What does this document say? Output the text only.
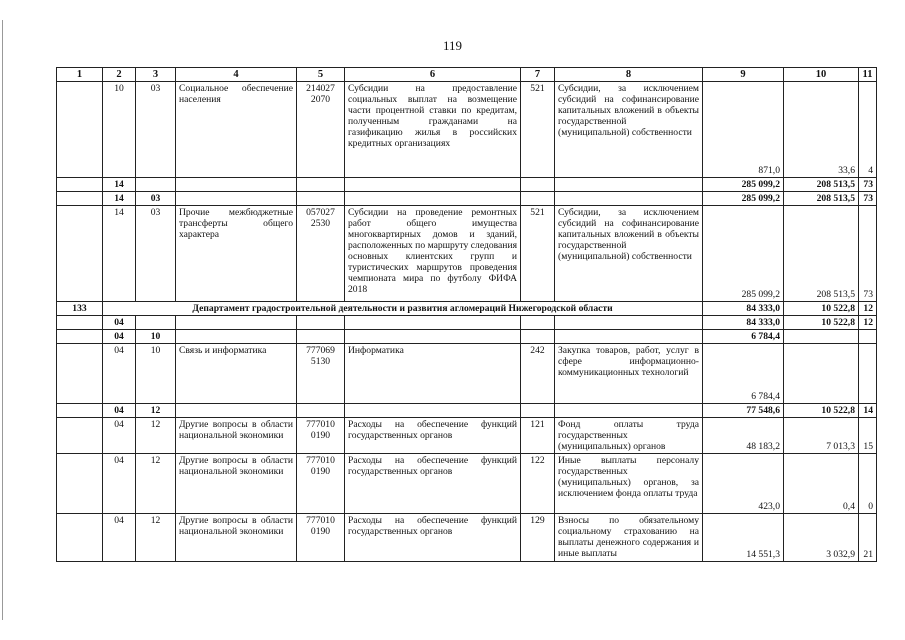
119
1	2	3	4	5	6	7	8	9	10	11
	10	03	Социальное обеспечение населения	214027 2070	Субсидии на предоставление социальных выплат на возмещение части процентной ставки по кредитам, полученным гражданами на газификацию жилья в российских кредитных организациях	521	Субсидии, за исключением субсидий на софинансирование капитальных вложений в объекты государственной (муниципальной) собственности	871,0	33,6	4
	14							285 099,2	208 513,5	73
	14	03						285 099,2	208 513,5	73
	14	03	Прочие межбюджетные трансферты общего характера	057027 2530	Субсидии на проведение ремонтных работ общего имущества многоквартирных домов и зданий, расположенных по маршруту следования основных клиентских групп и туристических маршрутов проведения чемпионата мира по футболу ФИФА 2018	521	Субсидии, за исключением субсидий на софинансирование капитальных вложений в объекты государственной (муниципальной) собственности	285 099,2	208 513,5	73
133	Департамент градостроительной деятельности и развития агломераций Нижегородской области							84 333,0	10 522,8	12
	04							84 333,0	10 522,8	12
	04	10						6 784,4		
	04	10	Связь и информатика	777069 5130	Информатика	242	Закупка товаров, работ, услуг в сфере информационно-коммуникационных технологий	6 784,4		
	04	12						77 548,6	10 522,8	14
	04	12	Другие вопросы в области национальной экономики	777010 0190	Расходы на обеспечение функций государственных органов	121	Фонд оплаты труда государственных (муниципальных) органов	48 183,2	7 013,3	15
	04	12	Другие вопросы в области национальной экономики	777010 0190	Расходы на обеспечение функций государственных органов	122	Иные выплаты персоналу государственных (муниципальных) органов, за исключением фонда оплаты труда	423,0	0,4	0
	04	12	Другие вопросы в области национальной экономики	777010 0190	Расходы на обеспечение функций государственных органов	129	Взносы по обязательному социальному страхованию на выплаты денежного содержания и иные выплаты	14 551,3	3 032,9	21
